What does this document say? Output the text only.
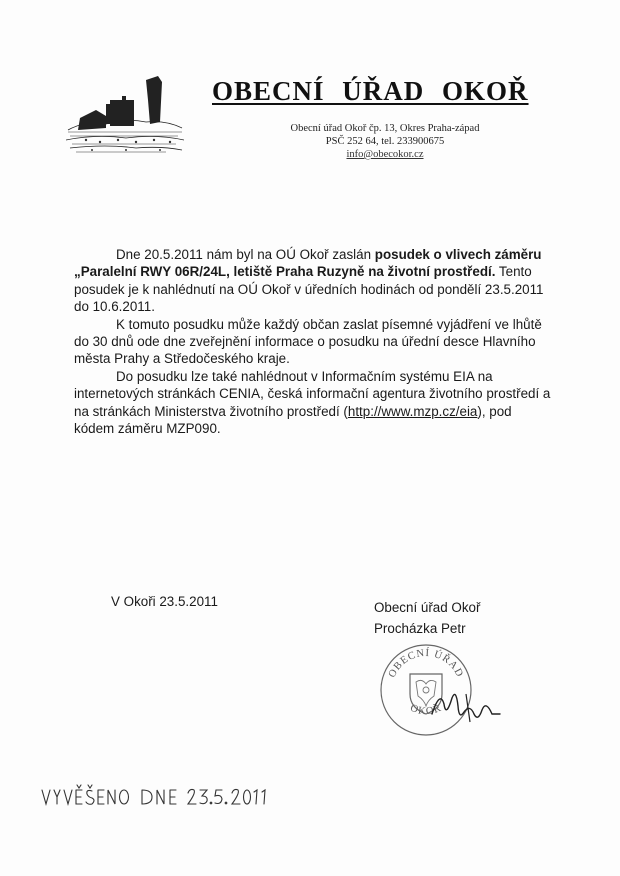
OBECNÍ ÚŘAD OKOŘ
Obecní úřad Okoř čp. 13, Okres Praha-západ
PSČ 252 64, tel. 233900675
info@obecokor.cz

Dne 20.5.2011 nám byl na OÚ Okoř zaslán posudek o vlivech záměru „Paralelní RWY 06R/24L, letiště Praha Ruzyně na životní prostředí. Tento posudek je k nahlédnutí na OÚ Okoř v úředních hodinách od pondělí 23.5.2011 do 10.6.2011.

K tomuto posudku může každý občan zaslat písemné vyjádření ve lhůtě do 30 dnů ode dne zveřejnění informace o posudku na úřední desce Hlavního města Prahy a Středočeského kraje.

Do posudku lze také nahlédnout v Informačním systému EIA na internetových stránkách CENIA, česká informační agentura životního prostředí a na stránkách Ministerstva životního prostředí (http://www.mzp.cz/eia), pod kódem záměru MZP090.

V Okoři 23.5.2011	Obecní úřad Okoř
Procházka Petr
OBECNÍ ÚŘAD
OKOŘ
